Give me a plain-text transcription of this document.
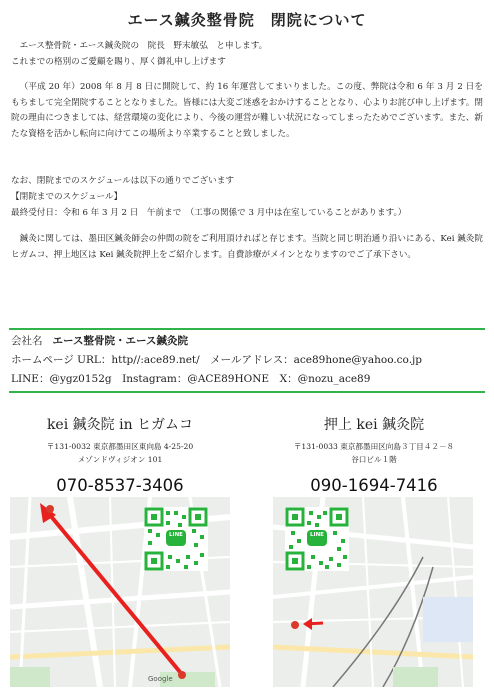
エース鍼灸整骨院　閉院について
エース整骨院・エース鍼灸院の　院長　野末敏弘　と申します。
これまでの格別のご愛顧を賜り、厚く御礼申し上げます
（平成 20 年）2008 年 8 月 8 日に開院して、約 16 年運営してまいりました。この度、弊院は令和 6 年 3 月 2 日をもちまして完全閉院することとなりました。皆様には大変ご迷惑をおかけすることとなり、心よりお詫び申し上げます。閉院の理由につきましては、経営環境の変化により、今後の運営が難しい状況になってしまったためでございます。また、新たな資格を活かし転向に向けてこの場所より卒業することと致しました。
なお、閉院までのスケジュールは以下の通りでございます
【閉院までのスケジュール】
最終受付日：令和 6 年 3 月 2 日　午前まで　（工事の関係で 3 月中は在室していることがあります。）
鍼灸に関しては、墨田区鍼灸師会の仲間の院をご利用頂ければと存じます。当院と同じ明治通り沿いにある、Kei 鍼灸院ヒガムコ、押上地区は Kei 鍼灸院押上をご紹介します。自費診療がメインとなりますのでご了承下さい。
会社名 エース整骨院・エース鍼灸院
ホームページ URL：http//:ace89.net/　メールアドレス：ace89hone@yahoo.co.jp
LINE：@ygz0152g　Instagram：@ACE89HONE　X：@nozu_ace89
kei 鍼灸院 in ヒガムコ
〒131-0032 東京都墨田区東向島 4-25-20
メゾンドヴィジオン 101
070-8537-3406
LINE
Google
押上 kei 鍼灸院
〒131-0033 東京都墨田区向島３丁目４２－８
谷口ビル１階
090-1694-7416
LINE
